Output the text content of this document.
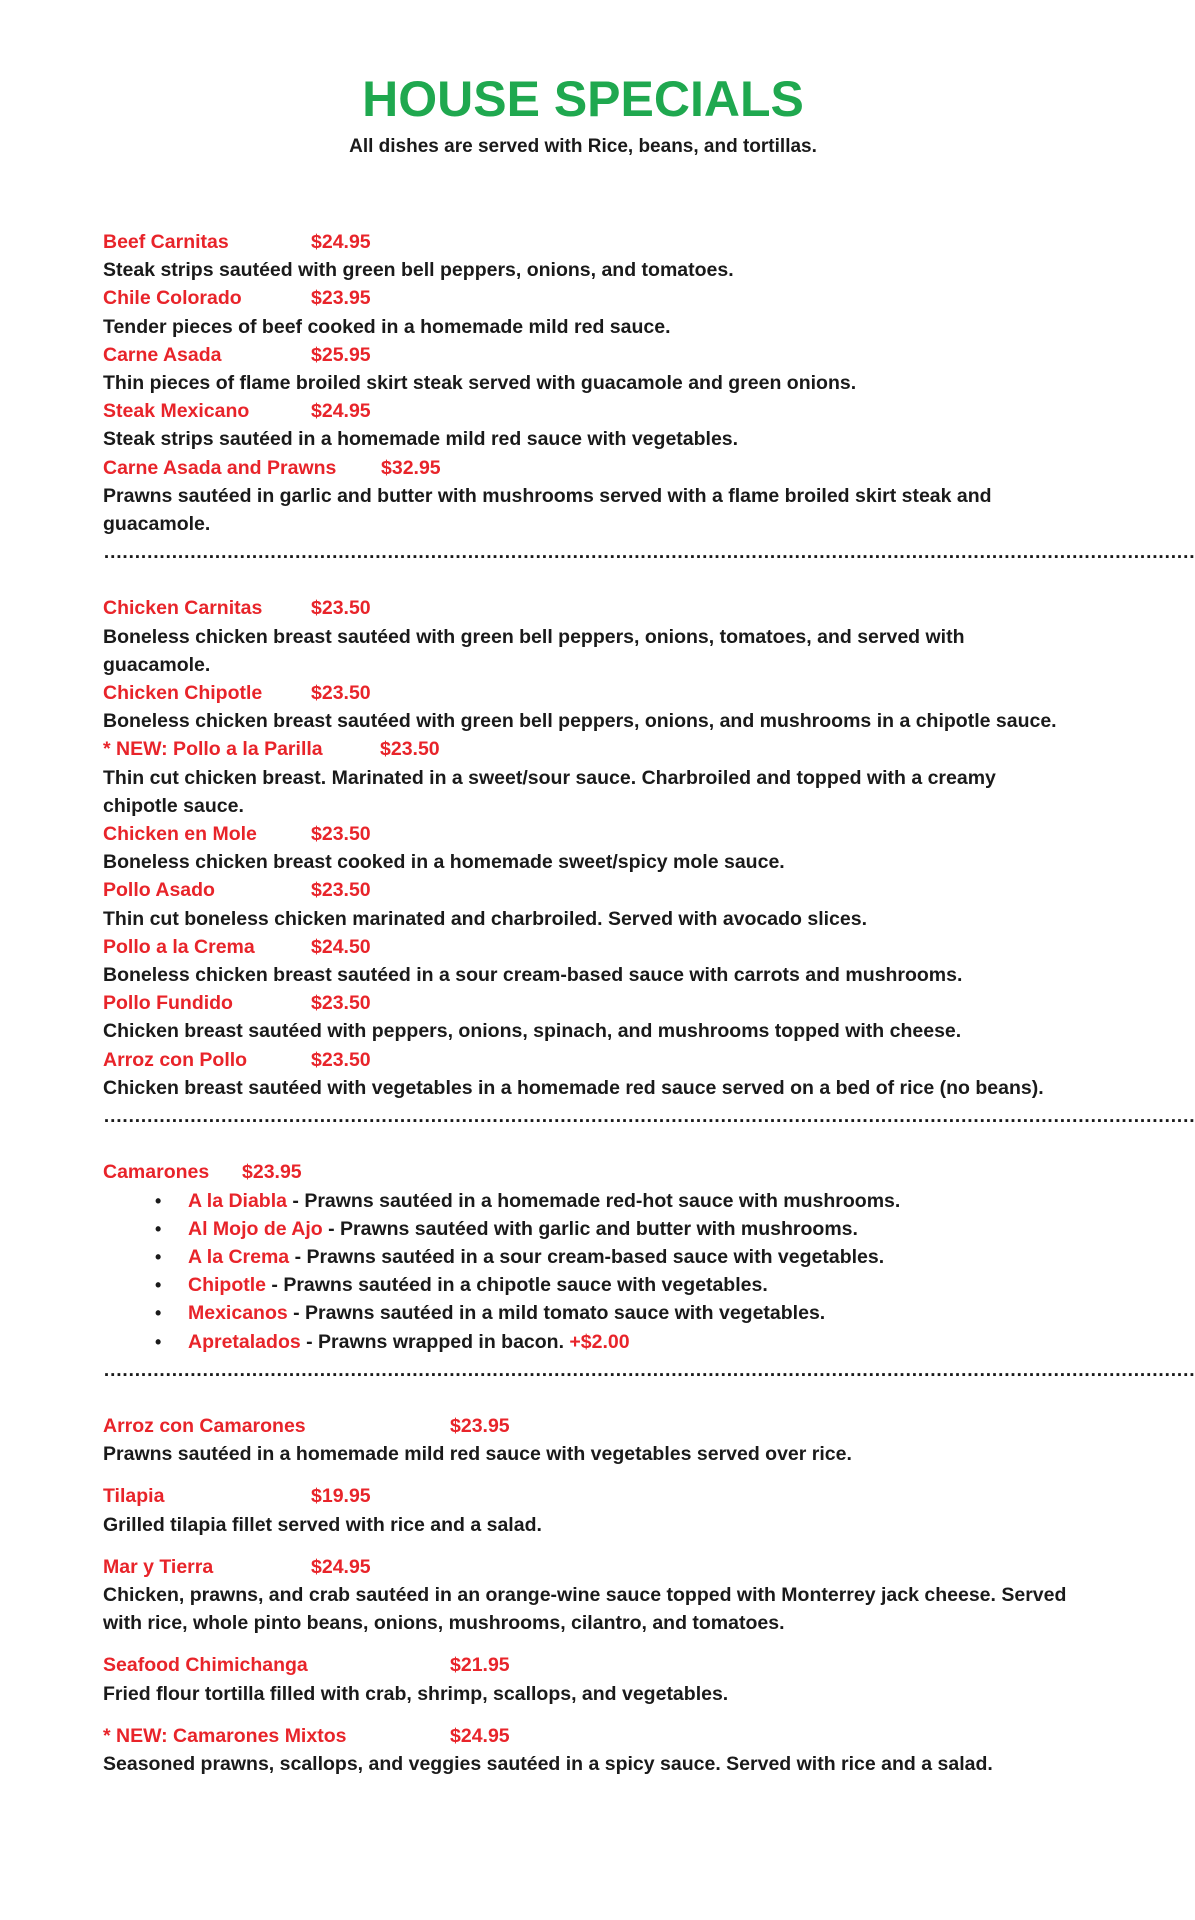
HOUSE SPECIALS

All dishes are served with Rice, beans, and tortillas.

Beef Carnitas	$24.95
Steak strips sautéed with green bell peppers, onions, and tomatoes.
Chile Colorado	$23.95
Tender pieces of beef cooked in a homemade mild red sauce.
Carne Asada	$25.95
Thin pieces of flame broiled skirt steak served with guacamole and green onions.
Steak Mexicano	$24.95
Steak strips sautéed in a homemade mild red sauce with vegetables.
Carne Asada and Prawns $32.95
Prawns sautéed in garlic and butter with mushrooms served with a flame broiled skirt steak and guacamole.
……………………………………………………………………………………………………………………………………………………………
Chicken Carnitas $23.50
Boneless chicken breast sautéed with green bell peppers, onions, tomatoes, and served with guacamole.
Chicken Chipotle $23.50
Boneless chicken breast sautéed with green bell peppers, onions, and mushrooms in a chipotle sauce.
* NEW: Pollo a la Parilla	$23.50
Thin cut chicken breast. Marinated in a sweet/sour sauce. Charbroiled and topped with a creamy chipotle sauce.
Chicken en Mole	$23.50
Boneless chicken breast cooked in a homemade sweet/spicy mole sauce.
Pollo Asado	$23.50
Thin cut boneless chicken marinated and charbroiled. Served with avocado slices.
Pollo a la Crema	$24.50
Boneless chicken breast sautéed in a sour cream-based sauce with carrots and mushrooms.
Pollo Fundido	$23.50
Chicken breast sautéed with peppers, onions, spinach, and mushrooms topped with cheese.
Arroz con Pollo	$23.50
Chicken breast sautéed with vegetables in a homemade red sauce served on a bed of rice (no beans).
……………………………………………………………………………………………………………………………………………………………
Camarones $23.95
• A la Diabla - Prawns sautéed in a homemade red-hot sauce with mushrooms.
• Al Mojo de Ajo - Prawns sautéed with garlic and butter with mushrooms.
• A la Crema - Prawns sautéed in a sour cream-based sauce with vegetables.
• Chipotle - Prawns sautéed in a chipotle sauce with vegetables.
• Mexicanos - Prawns sautéed in a mild tomato sauce with vegetables.
• Apretalados - Prawns wrapped in bacon. +$2.00
……………………………………………………………………………………………………………………………………………………………
Arroz con Camarones	$23.95
Prawns sautéed in a homemade mild red sauce with vegetables served over rice.
Tilapia	$19.95
Grilled tilapia fillet served with rice and a salad.
Mar y Tierra	$24.95
Chicken, prawns, and crab sautéed in an orange-wine sauce topped with Monterrey jack cheese. Served with rice, whole pinto beans, onions, mushrooms, cilantro, and tomatoes.
Seafood Chimichanga	$21.95
Fried flour tortilla filled with crab, shrimp, scallops, and vegetables.
* NEW: Camarones Mixtos	$24.95
Seasoned prawns, scallops, and veggies sautéed in a spicy sauce. Served with rice and a salad.
